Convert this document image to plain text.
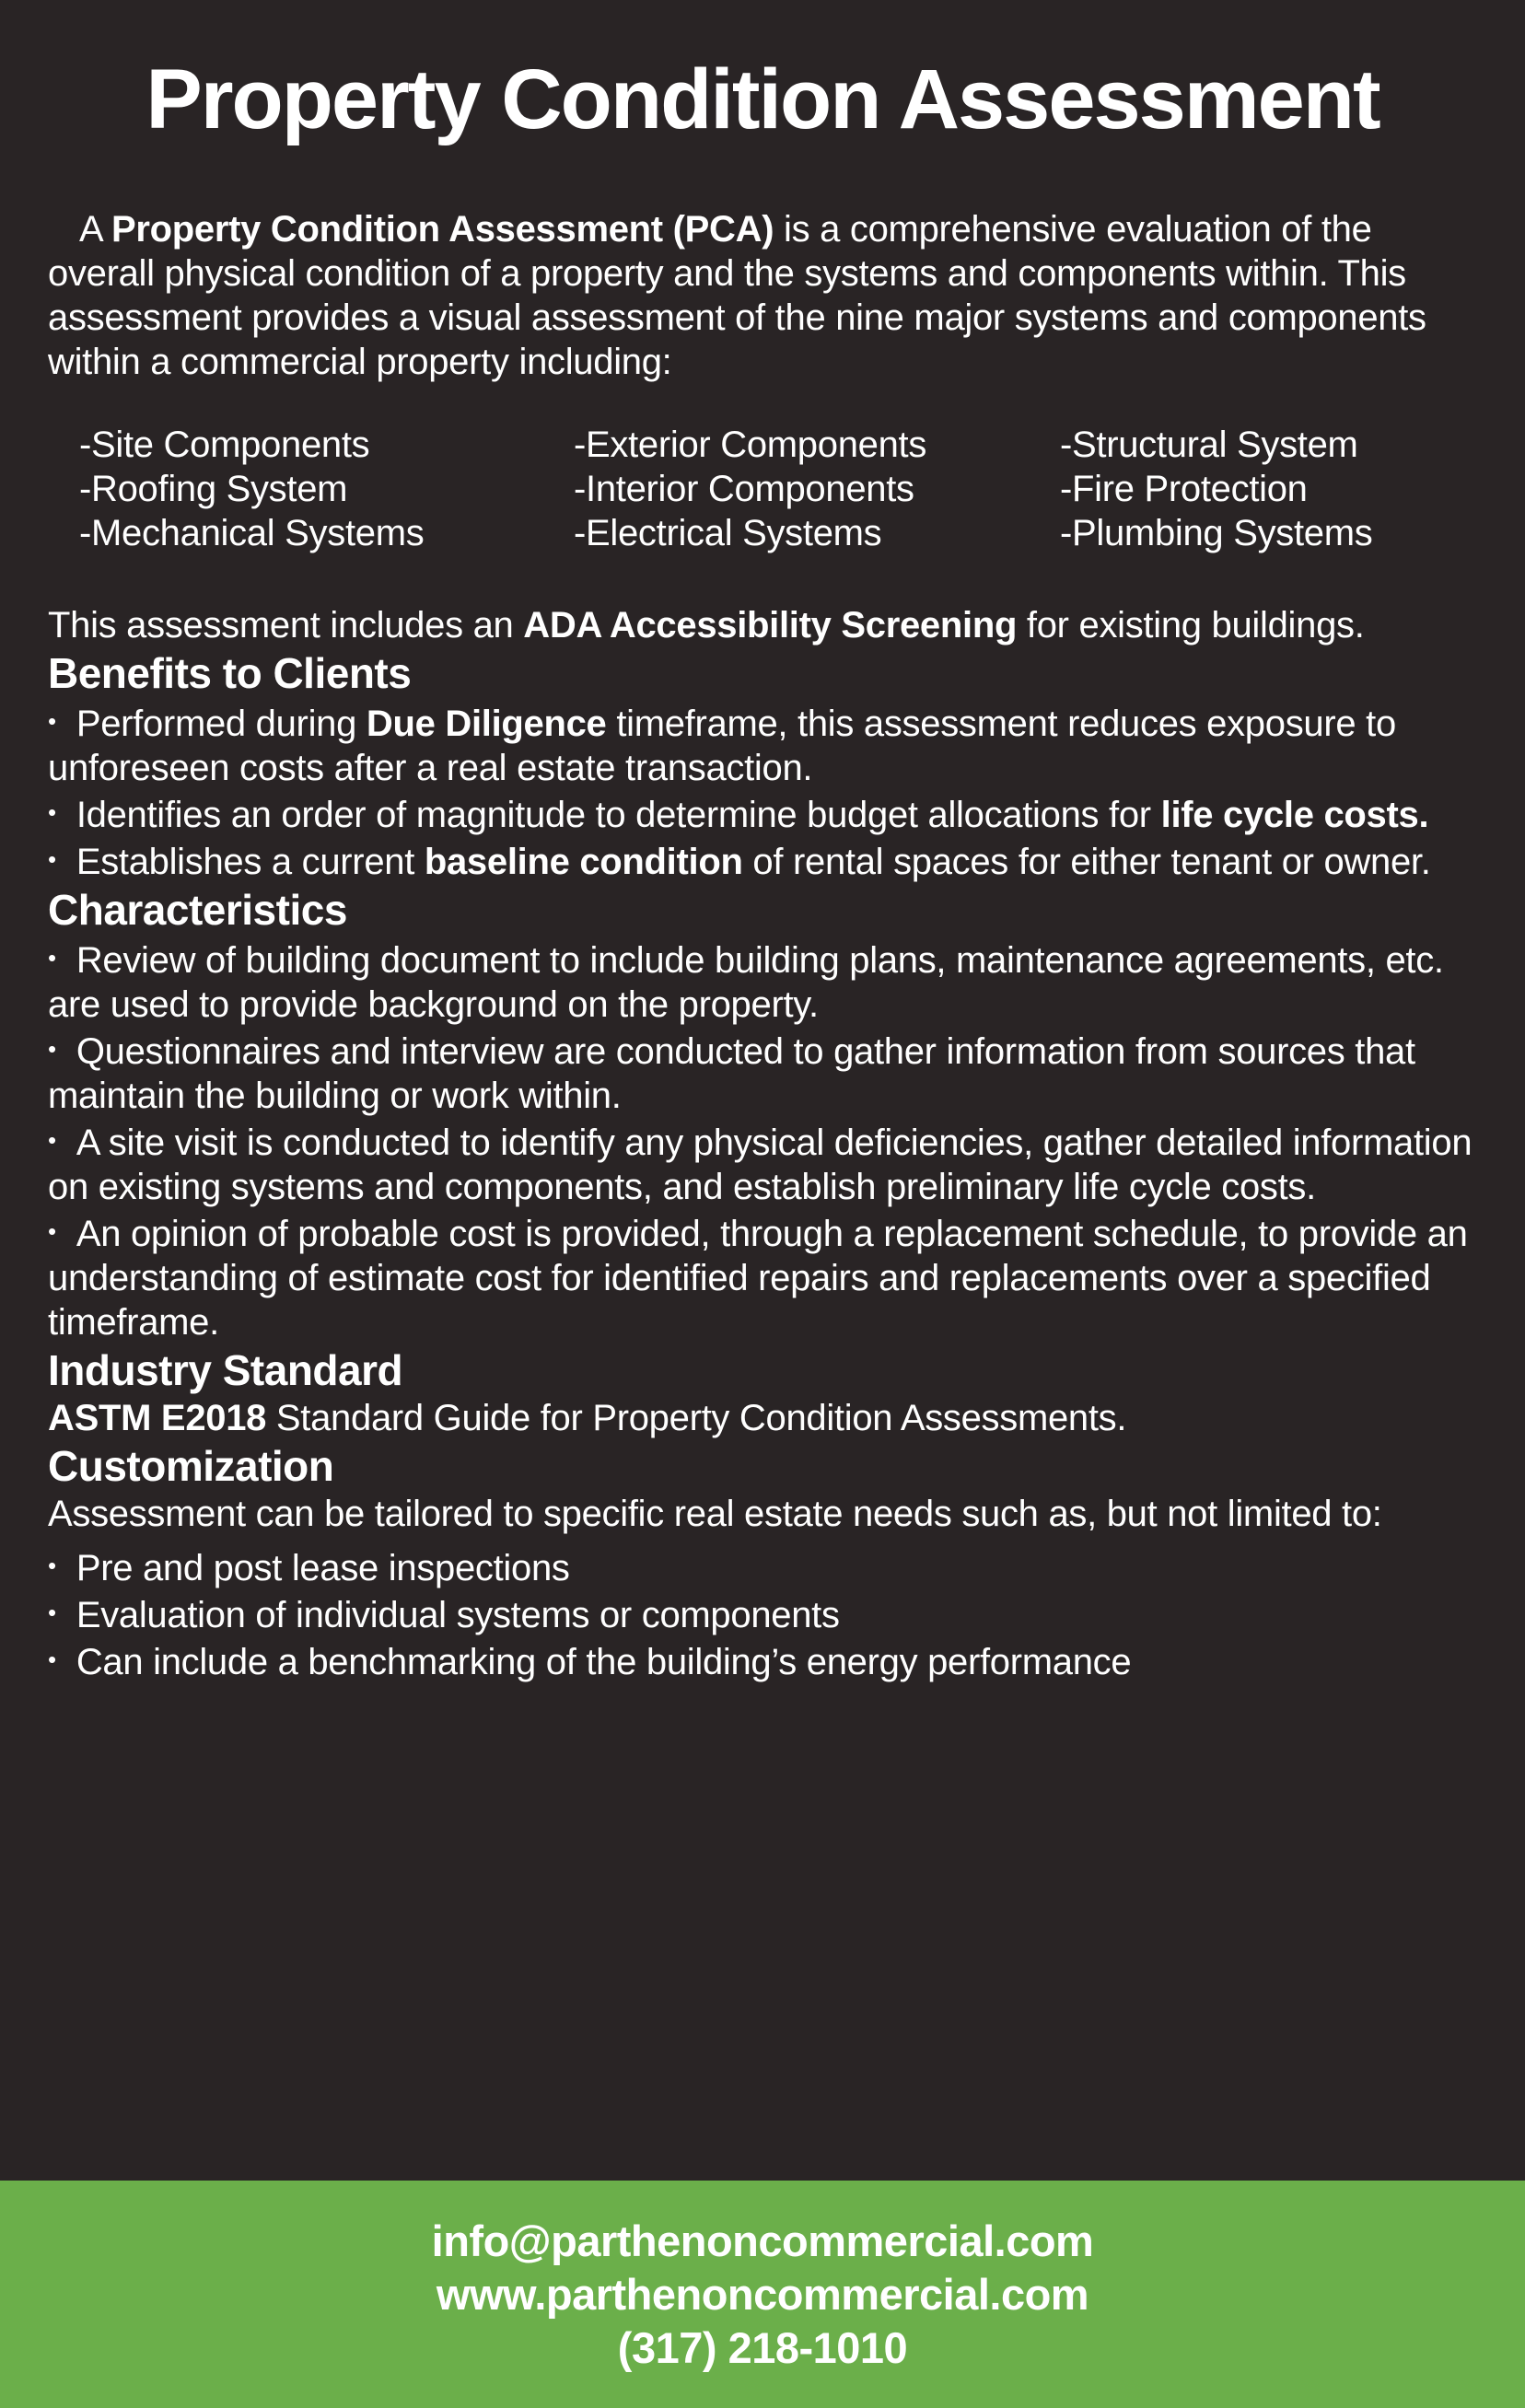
Property Condition Assessment

A Property Condition Assessment (PCA) is a comprehensive evaluation of the overall physical condition of a property and the systems and components within. This assessment provides a visual assessment of the nine major systems and components within a commercial property including:

-Site Components
-Roofing System
-Mechanical Systems
-Exterior Components
-Interior Components
-Electrical Systems
-Structural System
-Fire Protection
-Plumbing Systems

This assessment includes an ADA Accessibility Screening for existing buildings.

Benefits to Clients

• Performed during Due Diligence timeframe, this assessment reduces exposure to unforeseen costs after a real estate transaction.

• Identifies an order of magnitude to determine budget allocations for life cycle costs.

• Establishes a current baseline condition of rental spaces for either tenant or owner.

Characteristics

• Review of building document to include building plans, maintenance agreements, etc. are used to provide background on the property.

• Questionnaires and interview are conducted to gather information from sources that maintain the building or work within.

• A site visit is conducted to identify any physical deficiencies, gather detailed information on existing systems and components, and establish preliminary life cycle costs.

• An opinion of probable cost is provided, through a replacement schedule, to provide an understanding of estimate cost for identified repairs and replacements over a specified timeframe.

Industry Standard

ASTM E2018 Standard Guide for Property Condition Assessments.

Customization

Assessment can be tailored to specific real estate needs such as, but not limited to:

• Pre and post lease inspections

• Evaluation of individual systems or components

• Can include a benchmarking of the building’s energy performance

info@parthenoncommercial.com
www.parthenoncommercial.com
(317) 218-1010
